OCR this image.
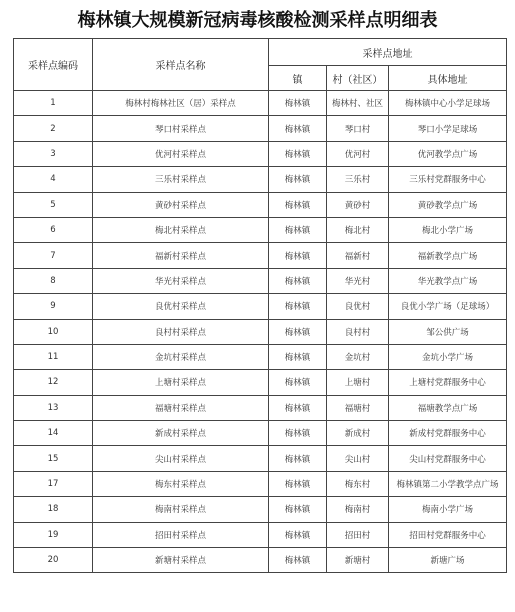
梅林镇大规模新冠病毒核酸检测采样点明细表
采样点编码	采样点名称	采样点地址		
		镇	村（社区）	具体地址
1	梅林村梅林社区（居）采样点	梅林镇	梅林村、社区	梅林镇中心小学足球场
2	琴口村采样点	梅林镇	琴口村	琴口小学足球场
3	优河村采样点	梅林镇	优河村	优河教学点广场
4	三乐村采样点	梅林镇	三乐村	三乐村党群服务中心
5	黄砂村采样点	梅林镇	黄砂村	黄砂教学点广场
6	梅北村采样点	梅林镇	梅北村	梅北小学广场
7	福新村采样点	梅林镇	福新村	福新教学点广场
8	华光村采样点	梅林镇	华光村	华光教学点广场
9	良优村采样点	梅林镇	良优村	良优小学广场（足球场）
10	良村村采样点	梅林镇	良村村	邹公供广场
11	金坑村采样点	梅林镇	金坑村	金坑小学广场
12	上塘村采样点	梅林镇	上塘村	上塘村党群服务中心
13	福塘村采样点	梅林镇	福塘村	福塘教学点广场
14	新成村采样点	梅林镇	新成村	新成村党群服务中心
15	尖山村采样点	梅林镇	尖山村	尖山村党群服务中心
17	梅东村采样点	梅林镇	梅东村	梅林镇第二小学教学点广场
18	梅南村采样点	梅林镇	梅南村	梅南小学广场
19	招田村采样点	梅林镇	招田村	招田村党群服务中心
20	新塘村采样点	梅林镇	新塘村	新塘广场
